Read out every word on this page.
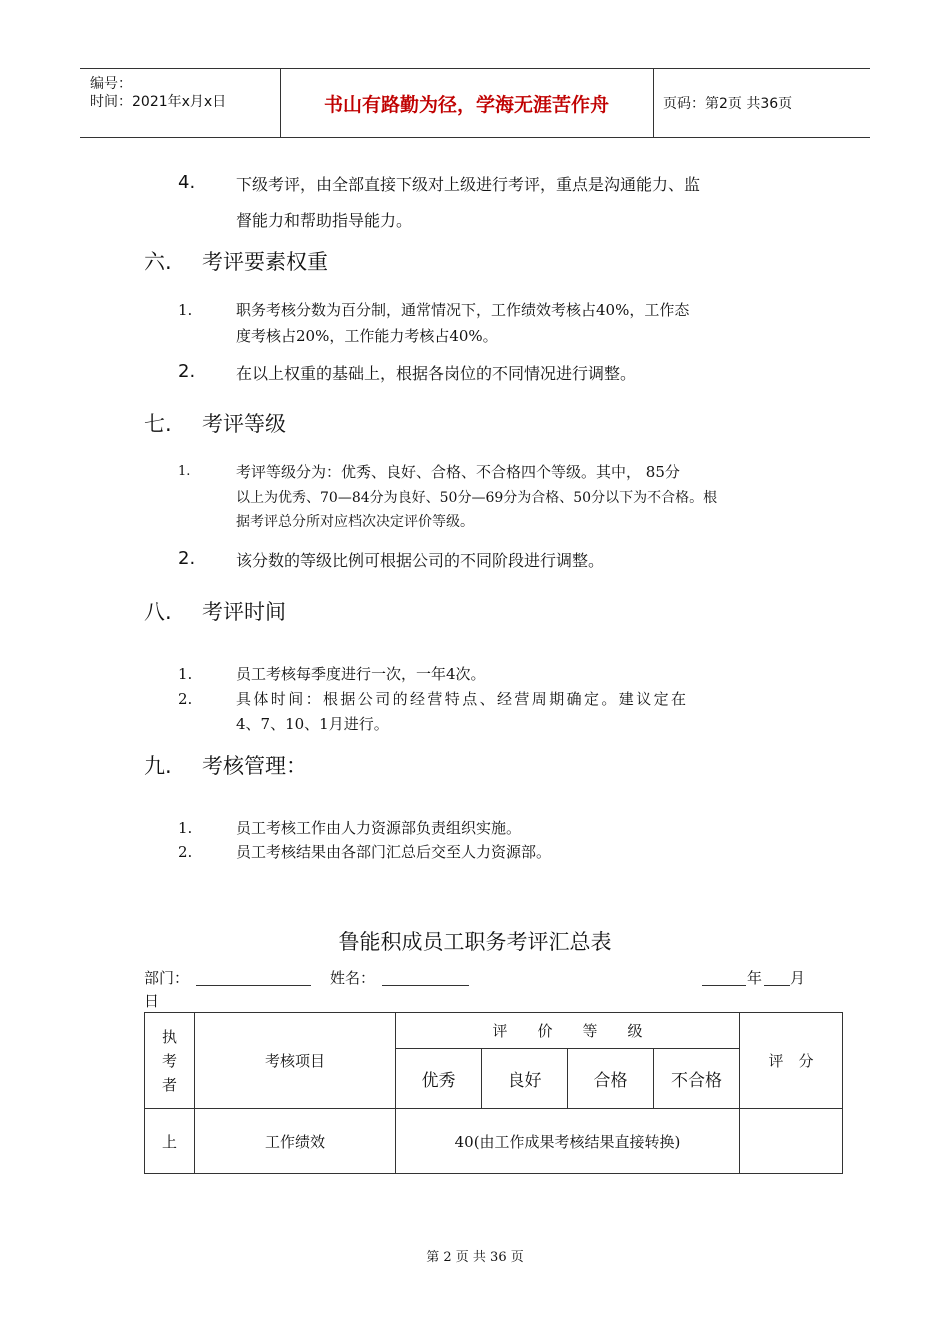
编号：
时间：2021年x月x日	书山有路勤为径，学海无涯苦作舟	页码：第2页 共36页
4.	下级考评，由全部直接下级对上级进行考评，重点是沟通能力、监
督能力和帮助指导能力。
六. 考评要素权重
1.	职务考核分数为百分制，通常情况下，工作绩效考核占40%，工作态
度考核占20%，工作能力考核占40%。
2.	在以上权重的基础上，根据各岗位的不同情况进行调整。
七. 考评等级
1.	考评等级分为：优秀、良好、合格、不合格四个等级。其中， 85分
以上为优秀、70—84分为良好、50分—69分为合格、50分以下为不合格。根
据考评总分所对应档次决定评价等级。
2.	该分数的等级比例可根据公司的不同阶段进行调整。
八. 考评时间
1.	员工考核每季度进行一次，一年4次。
2.	具体时间：根据公司的经营特点、经营周期确定。建议定在
4、7、10、1月进行。
九. 考核管理：
1.	员工考核工作由人力资源部负责组织实施。
2.	员工考核结果由各部门汇总后交至人力资源部。
鲁能积成员工职务考评汇总表
部门：	姓名：	年 月
日
执考者	考核项目	评　　价　　等　　级				评　分
		优秀	良好	合格	不合格	
上	工作绩效	40(由工作成果考核结果直接转换)				
第 2 页 共 36 页
